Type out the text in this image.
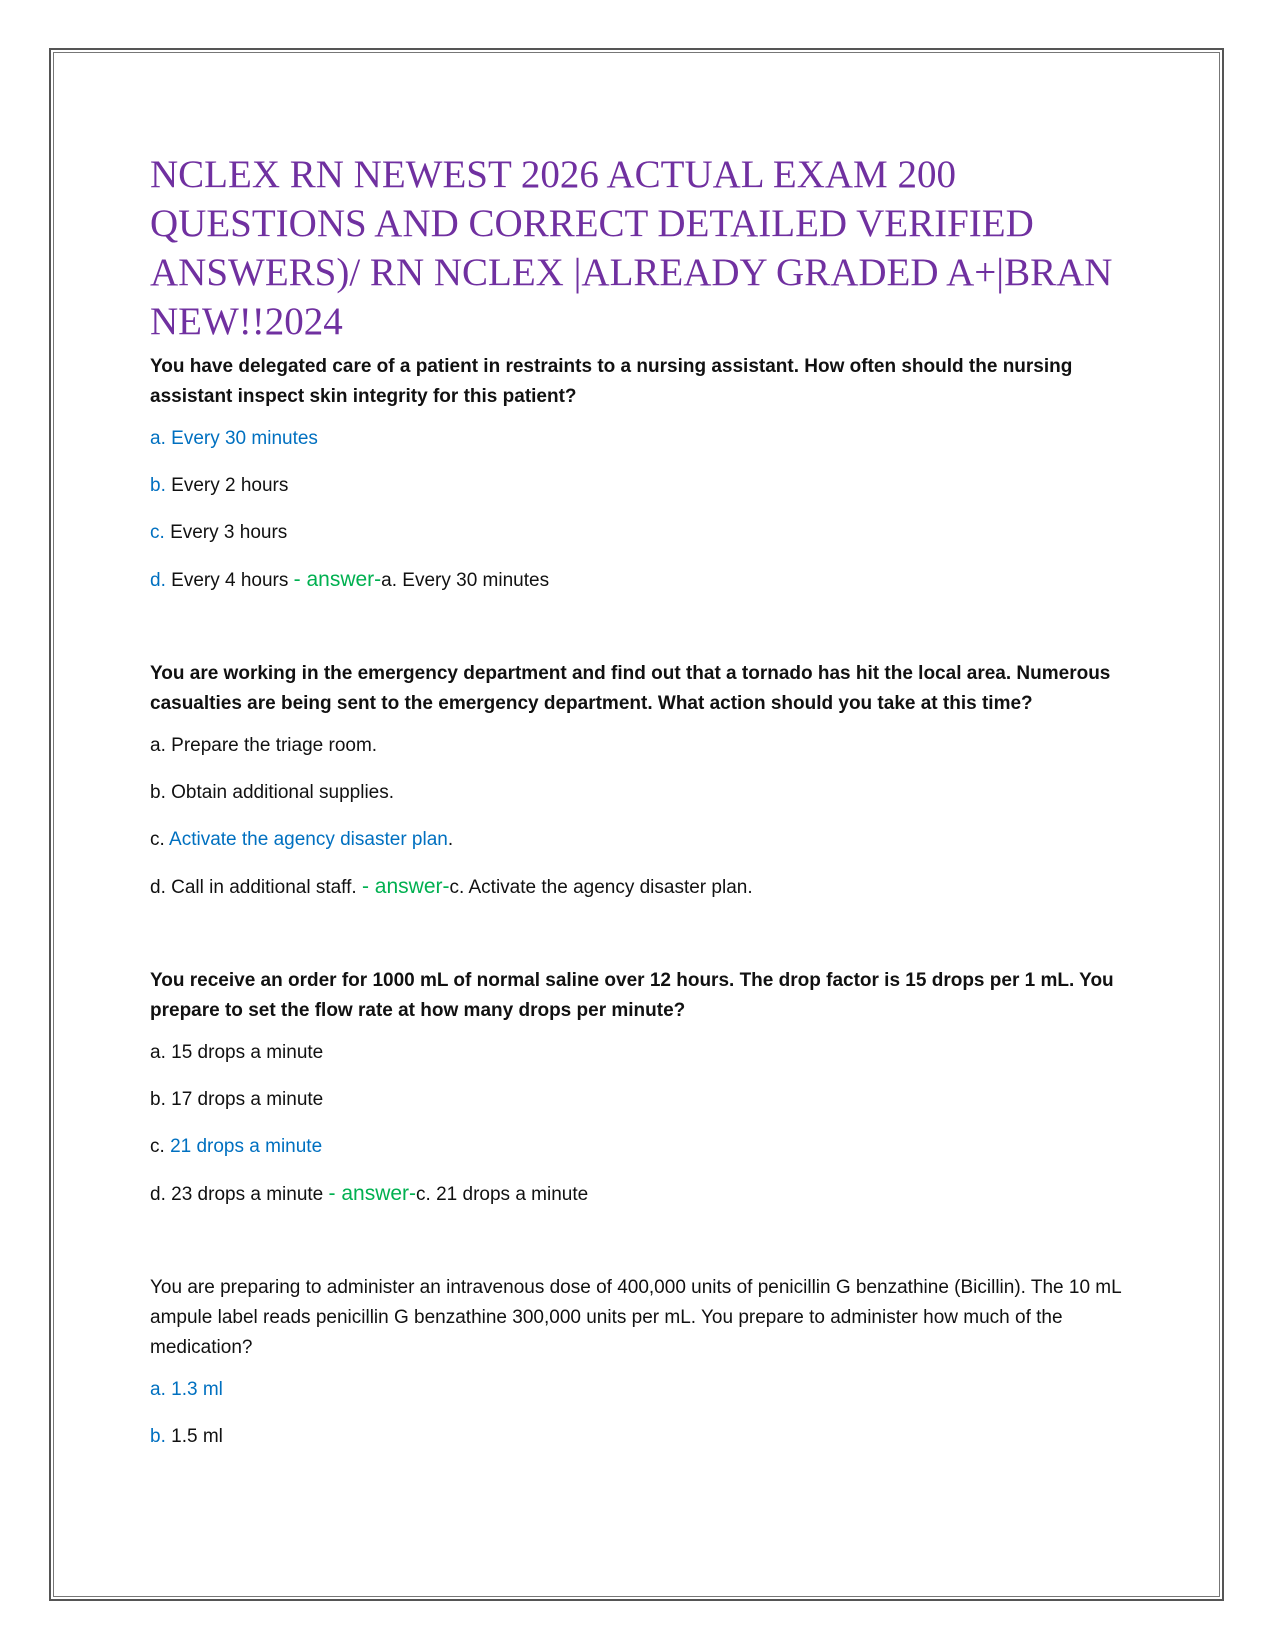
NCLEX RN NEWEST 2026 ACTUAL EXAM 200 QUESTIONS AND CORRECT DETAILED VERIFIED ANSWERS)/ RN NCLEX |ALREADY GRADED A+|BRAN NEW!!2024

You have delegated care of a patient in restraints to a nursing assistant. How often should the nursing assistant inspect skin integrity for this patient?

a. Every 30 minutes

b. Every 2 hours

c. Every 3 hours

d. Every 4 hours - answer-a. Every 30 minutes

You are working in the emergency department and find out that a tornado has hit the local area. Numerous casualties are being sent to the emergency department. What action should you take at this time?

a. Prepare the triage room.

b. Obtain additional supplies.

c. Activate the agency disaster plan.

d. Call in additional staff. - answer-c. Activate the agency disaster plan.

You receive an order for 1000 mL of normal saline over 12 hours. The drop factor is 15 drops per 1 mL. You prepare to set the flow rate at how many drops per minute?

a. 15 drops a minute

b. 17 drops a minute

c. 21 drops a minute

d. 23 drops a minute - answer-c. 21 drops a minute

You are preparing to administer an intravenous dose of 400,000 units of penicillin G benzathine (Bicillin). The 10 mL ampule label reads penicillin G benzathine 300,000 units per mL. You prepare to administer how much of the medication?

a. 1.3 ml

b. 1.5 ml
